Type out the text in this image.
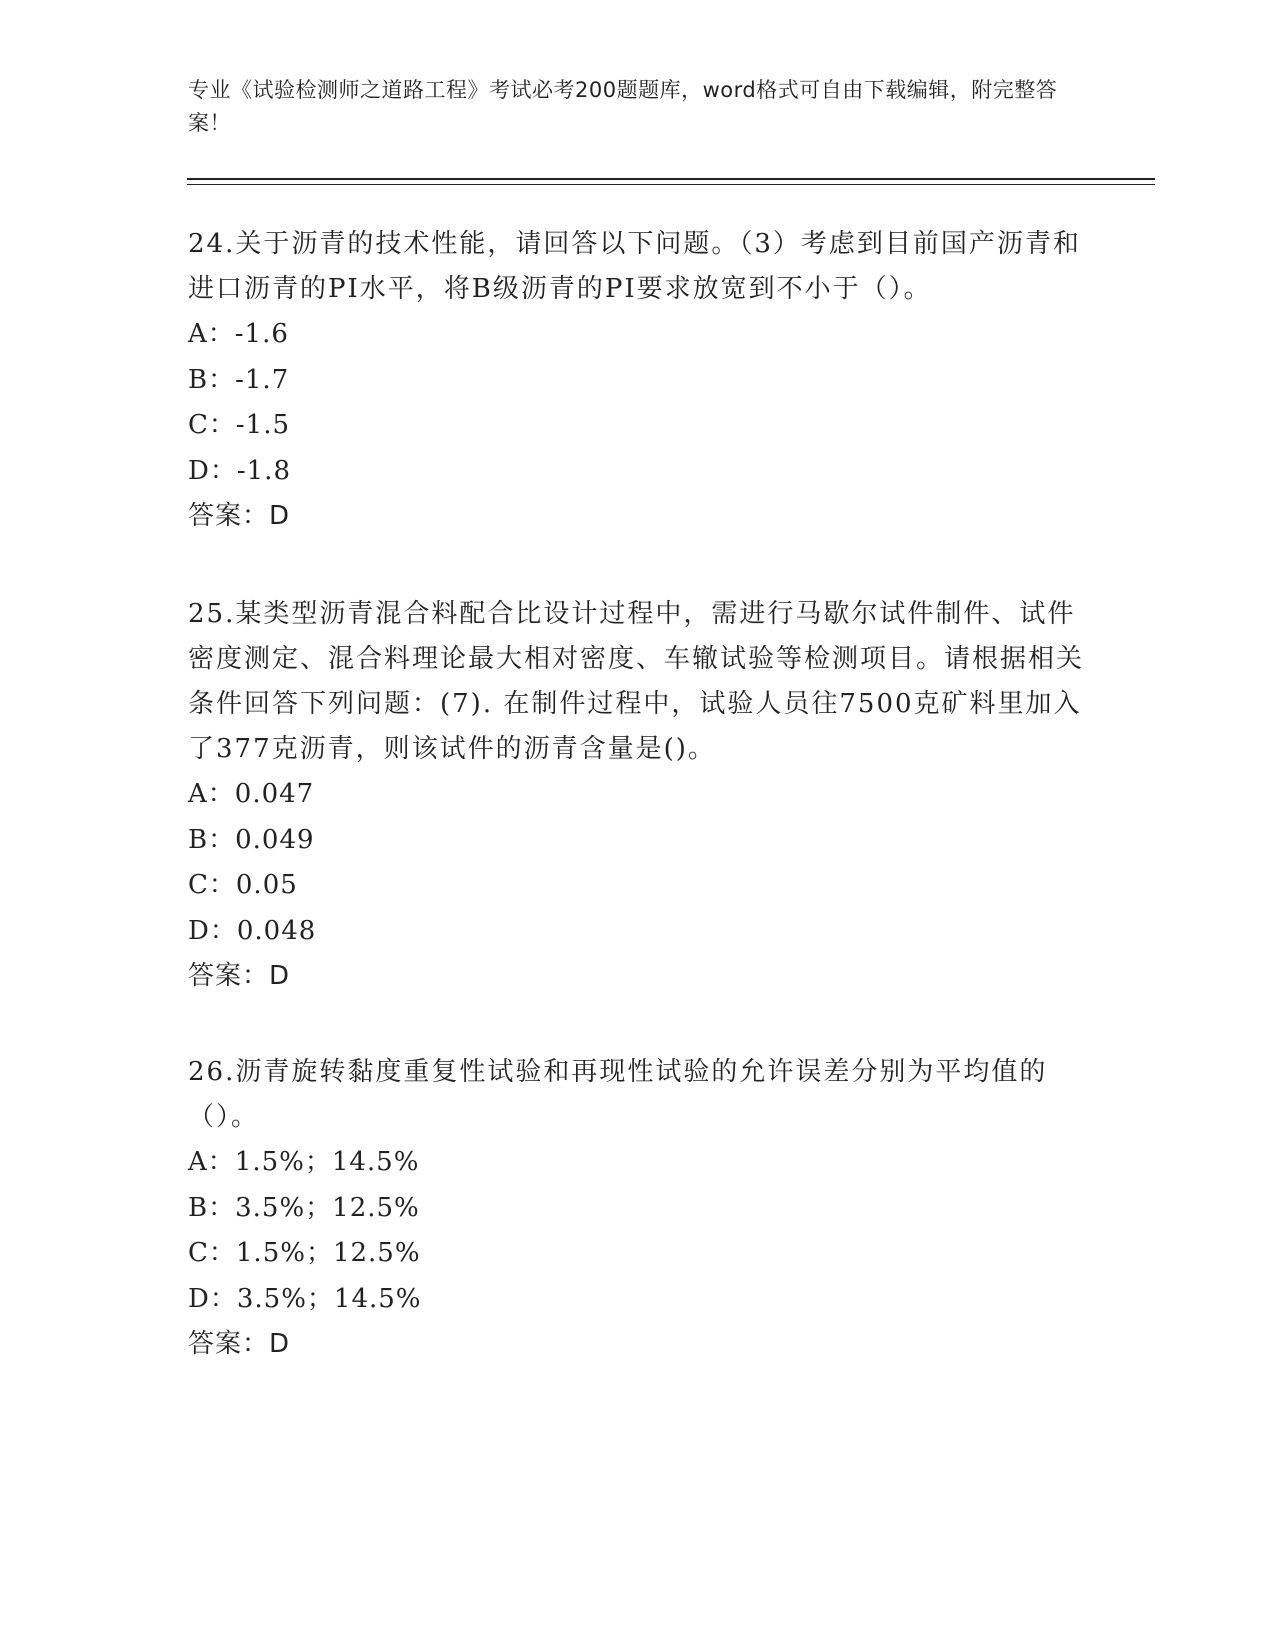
专业《试验检测师之道路工程》考试必考200题题库，word格式可自由下载编辑，附完整答案！

24.关于沥青的技术性能，请回答以下问题。（3）考虑到目前国产沥青和进口沥青的PI水平，将B级沥青的PI要求放宽到不小于（）。

A：-1.6

B：-1.7

C：-1.5

D：-1.8

答案：D

25.某类型沥青混合料配合比设计过程中，需进行马歇尔试件制件、试件密度测定、混合料理论最大相对密度、车辙试验等检测项目。请根据相关条件回答下列问题：(7). 在制件过程中，试验人员往7500克矿料里加入了377克沥青，则该试件的沥青含量是()。

A：0.047

B：0.049

C：0.05

D：0.048

答案：D

26.沥青旋转黏度重复性试验和再现性试验的允许误差分别为平均值的（）。

A：1.5%；14.5%

B：3.5%；12.5%

C：1.5%；12.5%

D：3.5%；14.5%

答案：D
